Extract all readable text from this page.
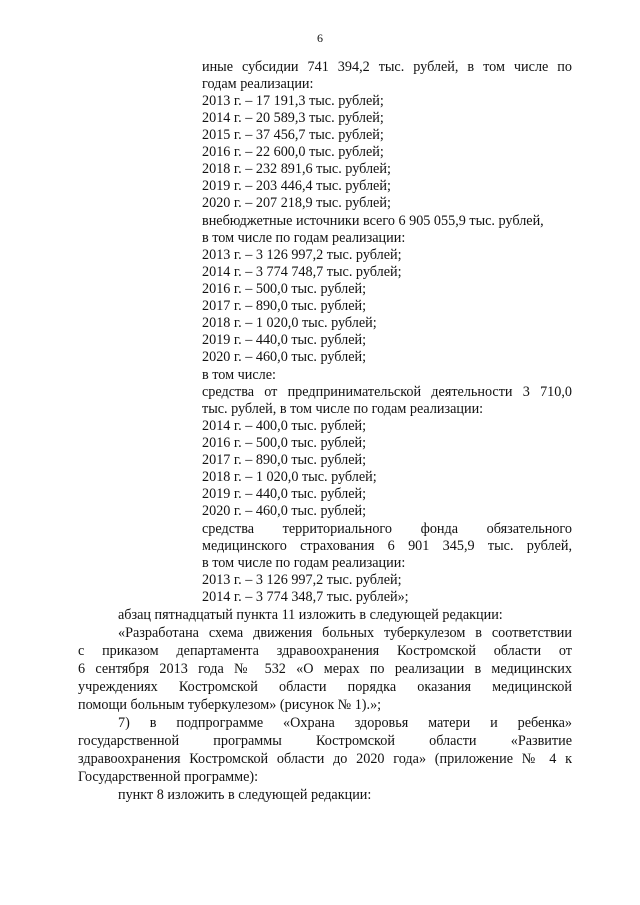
6
иные субсидии 741 394,2 тыс. рублей, в том числе по
годам реализации:
2013 г. – 17 191,3 тыс. рублей;
2014 г. – 20 589,3 тыс. рублей;
2015 г. – 37 456,7 тыс. рублей;
2016 г. – 22 600,0 тыс. рублей;
2018 г. – 232 891,6 тыс. рублей;
2019 г. – 203 446,4 тыс. рублей;
2020 г. – 207 218,9 тыс. рублей;
внебюджетные источники всего 6 905 055,9 тыс. рублей,
в том числе по годам реализации:
2013 г. – 3 126 997,2 тыс. рублей;
2014 г. – 3 774 748,7 тыс. рублей;
2016 г. – 500,0 тыс. рублей;
2017 г. – 890,0 тыс. рублей;
2018 г. – 1 020,0 тыс. рублей;
2019 г. – 440,0 тыс. рублей;
2020 г. – 460,0 тыс. рублей;
в том числе:
средства от предпринимательской деятельности 3 710,0
тыс. рублей, в том числе по годам реализации:
2014 г. – 400,0 тыс. рублей;
2016 г. – 500,0 тыс. рублей;
2017 г. – 890,0 тыс. рублей;
2018 г. – 1 020,0 тыс. рублей;
2019 г. – 440,0 тыс. рублей;
2020 г. – 460,0 тыс. рублей;
средства территориального фонда обязательного
медицинского страхования 6 901 345,9 тыс. рублей,
в том числе по годам реализации:
2013 г. – 3 126 997,2 тыс. рублей;
2014 г. – 3 774 348,7 тыс. рублей»;
абзац пятнадцатый пункта 11 изложить в следующей редакции:
«Разработана схема движения больных туберкулезом в соответствии
с приказом департамента здравоохранения Костромской области от
6 сентября 2013 года № 532 «О мерах по реализации в медицинских
учреждениях Костромской области порядка оказания медицинской
помощи больным туберкулезом» (рисунок № 1).»;
7) в подпрограмме «Охрана здоровья матери и ребенка»
государственной программы Костромской области «Развитие
здравоохранения Костромской области до 2020 года» (приложение № 4 к
Государственной программе):
пункт 8 изложить в следующей редакции:
